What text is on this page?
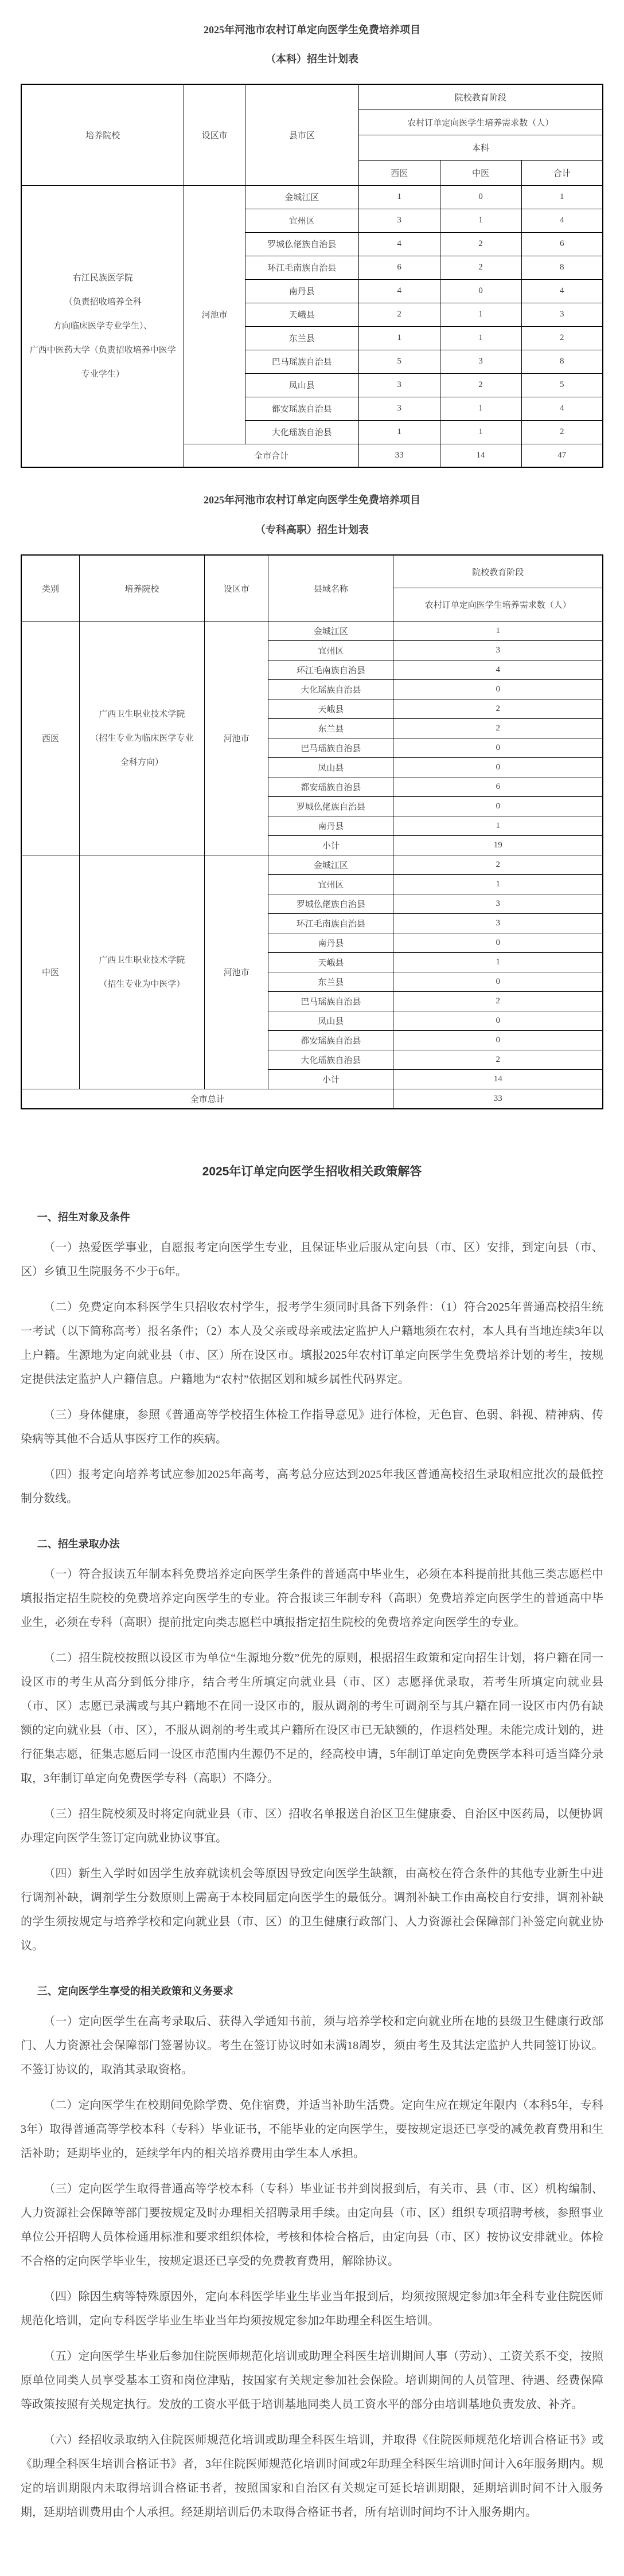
2025年河池市农村订单定向医学生免费培养项目
（本科）招生计划表
培养院校	设区市	县市区	院校教育阶段		
			农村订单定向医学生培养需求数（人）		
			本科		
			西医	中医	合计

右江民族医学院
（负责招收培养全科
方向临床医学专业学生）、
广西中医药大学（负责招收培养中医学
专业学生）	河池市	金城江区	1	0	1
		宜州区	3	1	4
		罗城仫佬族自治县	4	2	6
		环江毛南族自治县	6	2	8
		南丹县	4	0	4
		天峨县	2	1	3
		东兰县	1	1	2
		巴马瑶族自治县	5	3	8
		凤山县	3	2	5
		都安瑶族自治县	3	1	4
		大化瑶族自治县	1	1	2
	全市合计		33	14	47
2025年河池市农村订单定向医学生免费培养项目
（专科高职）招生计划表
类别	培养院校	设区市	县域名称	院校教育阶段
				农村订单定向医学生培养需求数（人）
西医	广西卫生职业技术学院
（招生专业为临床医学专业
全科方向）	河池市	金城江区	1
			宜州区	3
			环江毛南族自治县	4
			大化瑶族自治县	0
			天峨县	2
			东兰县	2
			巴马瑶族自治县	0
			凤山县	0
			都安瑶族自治县	6
			罗城仫佬族自治县	0
			南丹县	1
			小计	19
中医	广西卫生职业技术学院
（招生专业为中医学）	河池市	金城江区	2
			宜州区	1
			罗城仫佬族自治县	3
			环江毛南族自治县	3
			南丹县	0
			天峨县	1
			东兰县	0
			巴马瑶族自治县	2
			凤山县	0
			都安瑶族自治县	0
			大化瑶族自治县	2
			小计	14
全市总计				33
2025年订单定向医学生招收相关政策解答
一、招生对象及条件

（一）热爱医学事业，自愿报考定向医学生专业，且保证毕业后服从定向县（市、区）安排，到定向县（市、区）乡镇卫生院服务不少于6年。

（二）免费定向本科医学生只招收农村学生，报考学生须同时具备下列条件：（1）符合2025年普通高校招生统一考试（以下简称高考）报名条件；（2）本人及父亲或母亲或法定监护人户籍地须在农村，本人具有当地连续3年以上户籍。生源地为定向就业县（市、区）所在设区市。填报2025年农村订单定向医学生免费培养计划的考生，按规定提供法定监护人户籍信息。户籍地为“农村”依据区划和城乡属性代码界定。

（三）身体健康，参照《普通高等学校招生体检工作指导意见》进行体检，无色盲、色弱、斜视、精神病、传染病等其他不合适从事医疗工作的疾病。

（四）报考定向培养考试应参加2025年高考，高考总分应达到2025年我区普通高校招生录取相应批次的最低控制分数线。

二、招生录取办法

（一）符合报读五年制本科免费培养定向医学生条件的普通高中毕业生，必须在本科提前批其他三类志愿栏中填报指定招生院校的免费培养定向医学生的专业。符合报读三年制专科（高职）免费培养定向医学生的普通高中毕业生，必须在专科（高职）提前批定向类志愿栏中填报指定招生院校的免费培养定向医学生的专业。

（二）招生院校按照以设区市为单位“生源地分数”优先的原则，根据招生政策和定向招生计划，将户籍在同一设区市的考生从高分到低分排序，结合考生所填定向就业县（市、区）志愿择优录取，若考生所填定向就业县（市、区）志愿已录满或与其户籍地不在同一设区市的，服从调剂的考生可调剂至与其户籍在同一设区市内仍有缺额的定向就业县（市、区），不服从调剂的考生或其户籍所在设区市已无缺额的，作退档处理。未能完成计划的，进行征集志愿，征集志愿后同一设区市范围内生源仍不足的，经高校申请，5年制订单定向免费医学本科可适当降分录取，3年制订单定向免费医学专科（高职）不降分。

（三）招生院校须及时将定向就业县（市、区）招收名单报送自治区卫生健康委、自治区中医药局，以便协调办理定向医学生签订定向就业协议事宜。

（四）新生入学时如因学生放弃就读机会等原因导致定向医学生缺额，由高校在符合条件的其他专业新生中进行调剂补缺，调剂学生分数原则上需高于本校同届定向医学生的最低分。调剂补缺工作由高校自行安排，调剂补缺的学生须按规定与培养学校和定向就业县（市、区）的卫生健康行政部门、人力资源社会保障部门补签定向就业协议。

三、定向医学生享受的相关政策和义务要求

（一）定向医学生在高考录取后、获得入学通知书前，须与培养学校和定向就业所在地的县级卫生健康行政部门、人力资源社会保障部门签署协议。考生在签订协议时如未满18周岁，须由考生及其法定监护人共同签订协议。不签订协议的，取消其录取资格。

（二）定向医学生在校期间免除学费、免住宿费，并适当补助生活费。定向生应在规定年限内（本科5年，专科3年）取得普通高等学校本科（专科）毕业证书，不能毕业的定向医学生，要按规定退还已享受的减免教育费用和生活补助；延期毕业的，延续学年内的相关培养费用由学生本人承担。

（三）定向医学生取得普通高等学校本科（专科）毕业证书并到岗报到后，有关市、县（市、区）机构编制、人力资源社会保障等部门要按规定及时办理相关招聘录用手续。由定向县（市、区）组织专项招聘考核，参照事业单位公开招聘人员体检通用标准和要求组织体检，考核和体检合格后，由定向县（市、区）按协议安排就业。体检不合格的定向医学毕业生，按规定退还已享受的免费教育费用，解除协议。

（四）除因生病等特殊原因外，定向本科医学毕业生毕业当年报到后，均须按照规定参加3年全科专业住院医师规范化培训，定向专科医学毕业生毕业当年均须按规定参加2年助理全科医生培训。

（五）定向医学生毕业后参加住院医师规范化培训或助理全科医生培训期间人事（劳动）、工资关系不变，按照原单位同类人员享受基本工资和岗位津贴，按国家有关规定参加社会保险。培训期间的人员管理、待遇、经费保障等政策按照有关规定执行。发放的工资水平低于培训基地同类人员工资水平的部分由培训基地负责发放、补齐。

（六）经招收录取纳入住院医师规范化培训或助理全科医生培训，并取得《住院医师规范化培训合格证书》或《助理全科医生培训合格证书》者，3年住院医师规范化培训时间或2年助理全科医生培训时间计入6年服务期内。规定的培训期限内未取得培训合格证书者，按照国家和自治区有关规定可延长培训期限，延期培训时间不计入服务期，延期培训费用由个人承担。经延期培训后仍未取得合格证书者，所有培训时间均不计入服务期内。
